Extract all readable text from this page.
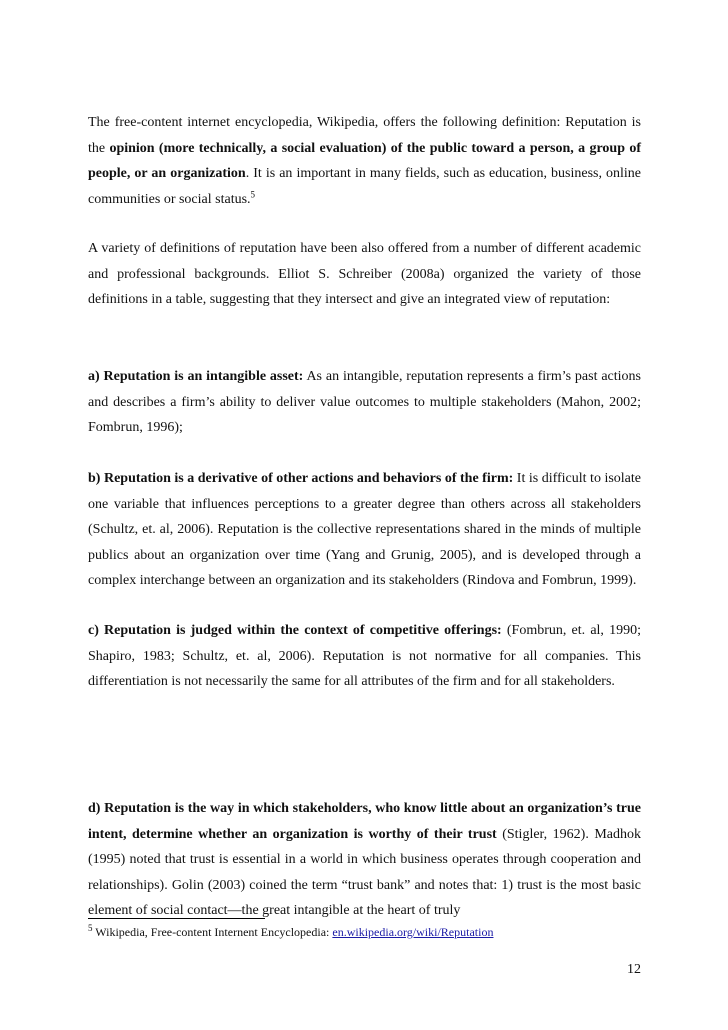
The free-content internet encyclopedia, Wikipedia, offers the following definition: Reputation is the opinion (more technically, a social evaluation) of the public toward a person, a group of people, or an organization. It is an important in many fields, such as education, business, online communities or social status.$^5$

A variety of definitions of reputation have been also offered from a number of different academic and professional backgrounds. Elliot S. Schreiber (2008a) organized the variety of those definitions in a table, suggesting that they intersect and give an integrated view of reputation:

a) Reputation is an intangible asset: As an intangible, reputation represents a firm’s past actions and describes a firm’s ability to deliver value outcomes to multiple stakeholders (Mahon, 2002; Fombrun, 1996);

b) Reputation is a derivative of other actions and behaviors of the firm: It is difficult to isolate one variable that influences perceptions to a greater degree than others across all stakeholders (Schultz, et. al, 2006). Reputation is the collective representations shared in the minds of multiple publics about an organization over time (Yang and Grunig, 2005), and is developed through a complex interchange between an organization and its stakeholders (Rindova and Fombrun, 1999).

c) Reputation is judged within the context of competitive offerings: (Fombrun, et. al, 1990; Shapiro, 1983; Schultz, et. al, 2006). Reputation is not normative for all companies. This differentiation is not necessarily the same for all attributes of the firm and for all stakeholders.

d) Reputation is the way in which stakeholders, who know little about an organization’s true intent, determine whether an organization is worthy of their trust (Stigler, 1962). Madhok (1995) noted that trust is essential in a world in which business operates through cooperation and relationships). Golin (2003) coined the term “trust bank” and notes that: 1) trust is the most basic element of social contact—the great intangible at the heart of truly

$^5$ Wikipedia, Free-content Internent Encyclopedia: en.wikipedia.org/wiki/Reputation
12
